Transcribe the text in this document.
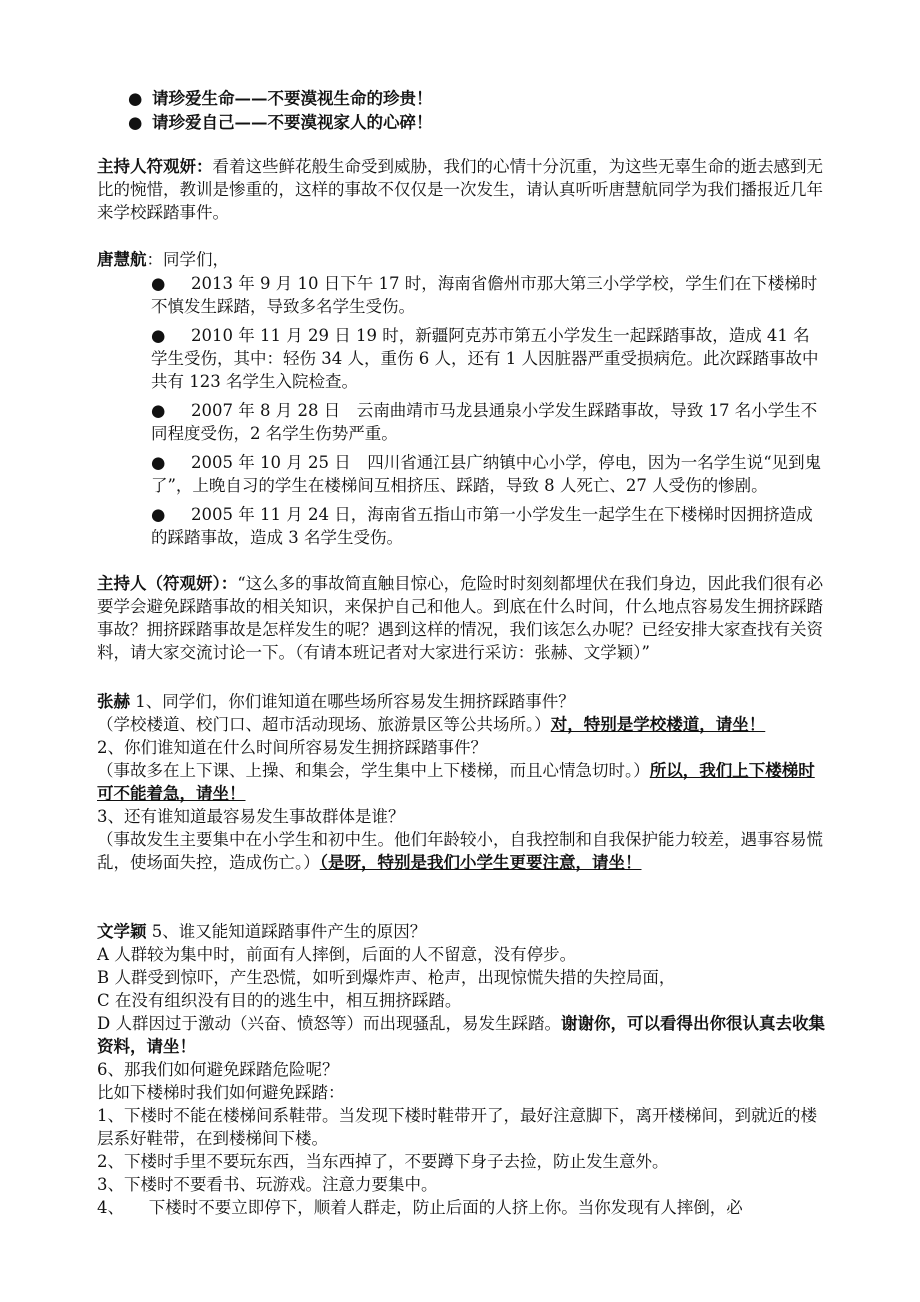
● 请珍爱生命——不要漠视生命的珍贵！
● 请珍爱自己——不要漠视家人的心碎！

主持人符观妍：看着这些鲜花般生命受到威胁，我们的心情十分沉重，为这些无辜生命的逝去感到无比的惋惜，教训是惨重的，这样的事故不仅仅是一次发生，请认真听听唐慧航同学为我们播报近几年来学校踩踏事件。

唐慧航：同学们，

● 2013 年 9 月 10 日下午 17 时，海南省儋州市那大第三小学学校，学生们在下楼梯时不慎发生踩踏，导致多名学生受伤。
● 2010 年 11 月 29 日 19 时，新疆阿克苏市第五小学发生一起踩踏事故，造成 41 名学生受伤，其中：轻伤 34 人，重伤 6 人，还有 1 人因脏器严重受损病危。此次踩踏事故中共有 123 名学生入院检查。
● 2007 年 8 月 28 日　云南曲靖市马龙县通泉小学发生踩踏事故，导致 17 名小学生不同程度受伤，2 名学生伤势严重。
● 2005 年 10 月 25 日　四川省通江县广纳镇中心小学，停电，因为一名学生说“见到鬼了”，上晚自习的学生在楼梯间互相挤压、踩踏，导致 8 人死亡、27 人受伤的惨剧。
● 2005 年 11 月 24 日，海南省五指山市第一小学发生一起学生在下楼梯时因拥挤造成的踩踏事故，造成 3 名学生受伤。

主持人（符观妍）：“这么多的事故简直触目惊心，危险时时刻刻都埋伏在我们身边，因此我们很有必要学会避免踩踏事故的相关知识，来保护自己和他人。到底在什么时间，什么地点容易发生拥挤踩踏事故？拥挤踩踏事故是怎样发生的呢？遇到这样的情况，我们该怎么办呢？已经安排大家查找有关资料，请大家交流讨论一下。（有请本班记者对大家进行采访：张赫、文学颖）”

张赫 1、同学们，你们谁知道在哪些场所容易发生拥挤踩踏事件？

（学校楼道、校门口、超市活动现场、旅游景区等公共场所。）对，特别是学校楼道，请坐！

2、你们谁知道在什么时间所容易发生拥挤踩踏事件？

（事故多在上下课、上操、和集会，学生集中上下楼梯，而且心情急切时。）所以，我们上下楼梯时可不能着急，请坐！

3、还有谁知道最容易发生事故群体是谁？

（事故发生主要集中在小学生和初中生。他们年龄较小，自我控制和自我保护能力较差，遇事容易慌乱，使场面失控，造成伤亡。）（是呀，特别是我们小学生更要注意，请坐！

文学颖 5、谁又能知道踩踏事件产生的原因？

A 人群较为集中时，前面有人摔倒，后面的人不留意，没有停步。

B 人群受到惊吓，产生恐慌，如听到爆炸声、枪声，出现惊慌失措的失控局面，

C 在没有组织没有目的的逃生中，相互拥挤踩踏。

D 人群因过于激动（兴奋、愤怒等）而出现骚乱，易发生踩踏。谢谢你，可以看得出你很认真去收集资料，请坐！

6、那我们如何避免踩踏危险呢？

比如下楼梯时我们如何避免踩踏：

1、下楼时不能在楼梯间系鞋带。当发现下楼时鞋带开了，最好注意脚下，离开楼梯间，到就近的楼层系好鞋带，在到楼梯间下楼。

2、下楼时手里不要玩东西，当东西掉了，不要蹲下身子去捡，防止发生意外。

3、下楼时不要看书、玩游戏。注意力要集中。

4、　　下楼时不要立即停下，顺着人群走，防止后面的人挤上你。当你发现有人摔倒，必
